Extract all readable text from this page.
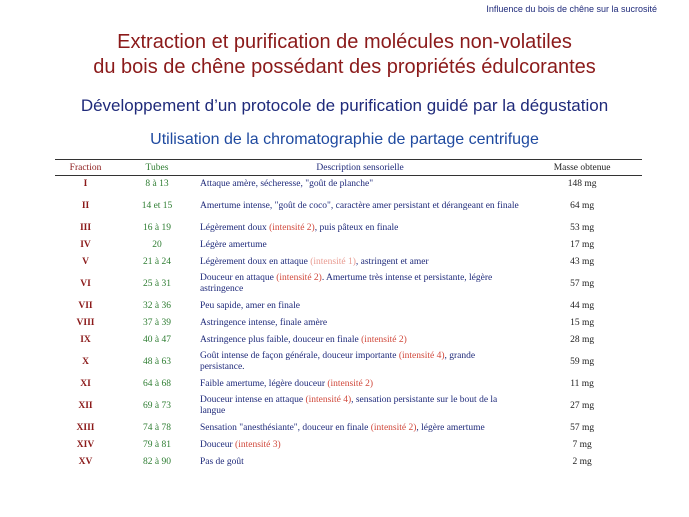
Influence du bois de chêne sur la sucrosité
Extraction et purification de molécules non-volatiles
du bois de chêne possédant des propriétés édulcorantes
Développement d’un protocole de purification guidé par la dégustation
Utilisation de la chromatographie de partage centrifuge
Fraction	Tubes	Description sensorielle	Masse obtenue
I	8 à 13	Attaque amère, sécheresse, "goût de planche"	148 mg
II	14 et 15	Amertume intense, "goût de coco", caractère amer persistant et dérangeant en finale	64 mg
III	16 à 19	Légèrement doux (intensité 2), puis pâteux en finale	53 mg
IV	20	Légère amertume	17 mg
V	21 à 24	Légèrement doux en attaque (intensité 1), astringent et amer	43 mg
VI	25 à 31	Douceur en attaque (intensité 2). Amertume très intense et persistante, légère astringence	57 mg
VII	32 à 36	Peu sapide, amer en finale	44 mg
VIII	37 à 39	Astringence intense, finale amère	15 mg
IX	40 à 47	Astringence plus faible, douceur en finale (intensité 2)	28 mg
X	48 à 63	Goût intense de façon générale, douceur importante (intensité 4), grande persistance.	59 mg
XI	64 à 68	Faible amertume, légère douceur (intensité 2)	11 mg
XII	69 à 73	Douceur intense en attaque (intensité 4), sensation persistante sur le bout de la langue	27 mg
XIII	74 à 78	Sensation "anesthésiante", douceur en finale (intensité 2), légère amertume	57 mg
XIV	79 à 81	Douceur (intensité 3)	7 mg
XV	82 à 90	Pas de goût	2 mg
